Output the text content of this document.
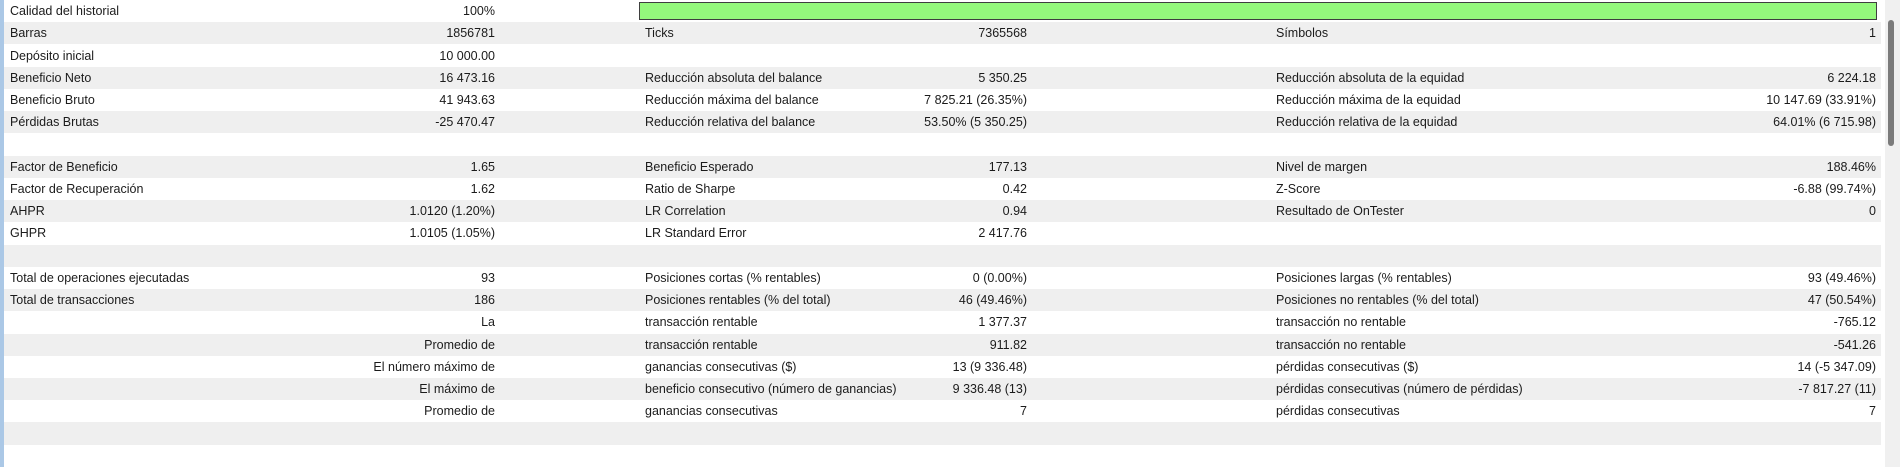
Calidad del historial	100%
Barras	1856781	Ticks	7365568	Símbolos	1
Depósito inicial	10 000.00
Beneficio Neto	16 473.16	Reducción absoluta del balance	5 350.25	Reducción absoluta de la equidad	6 224.18
Beneficio Bruto	41 943.63	Reducción máxima del balance	7 825.21 (26.35%)	Reducción máxima de la equidad	10 147.69 (33.91%)
Pérdidas Brutas	-25 470.47	Reducción relativa del balance	53.50% (5 350.25)	Reducción relativa de la equidad	64.01% (6 715.98)
Factor de Beneficio	1.65	Beneficio Esperado	177.13	Nivel de margen	188.46%
Factor de Recuperación	1.62	Ratio de Sharpe	0.42	Z-Score	-6.88 (99.74%)
AHPR	1.0120 (1.20%)	LR Correlation	0.94	Resultado de OnTester	0
GHPR	1.0105 (1.05%)	LR Standard Error	2 417.76
Total de operaciones ejecutadas	93	Posiciones cortas (% rentables)	0 (0.00%)	Posiciones largas (% rentables)	93 (49.46%)
Total de transacciones	186	Posiciones rentables (% del total)	46 (49.46%)	Posiciones no rentables (% del total)	47 (50.54%)
La	transacción rentable	1 377.37	transacción no rentable	-765.12
Promedio de	transacción rentable	911.82	transacción no rentable	-541.26
El número máximo de	ganancias consecutivas ($)	13 (9 336.48)	pérdidas consecutivas ($)	14 (-5 347.09)
El máximo de	beneficio consecutivo (número de ganancias)	9 336.48 (13)	pérdidas consecutivas (número de pérdidas)	-7 817.27 (11)
Promedio de	ganancias consecutivas	7	pérdidas consecutivas	7
